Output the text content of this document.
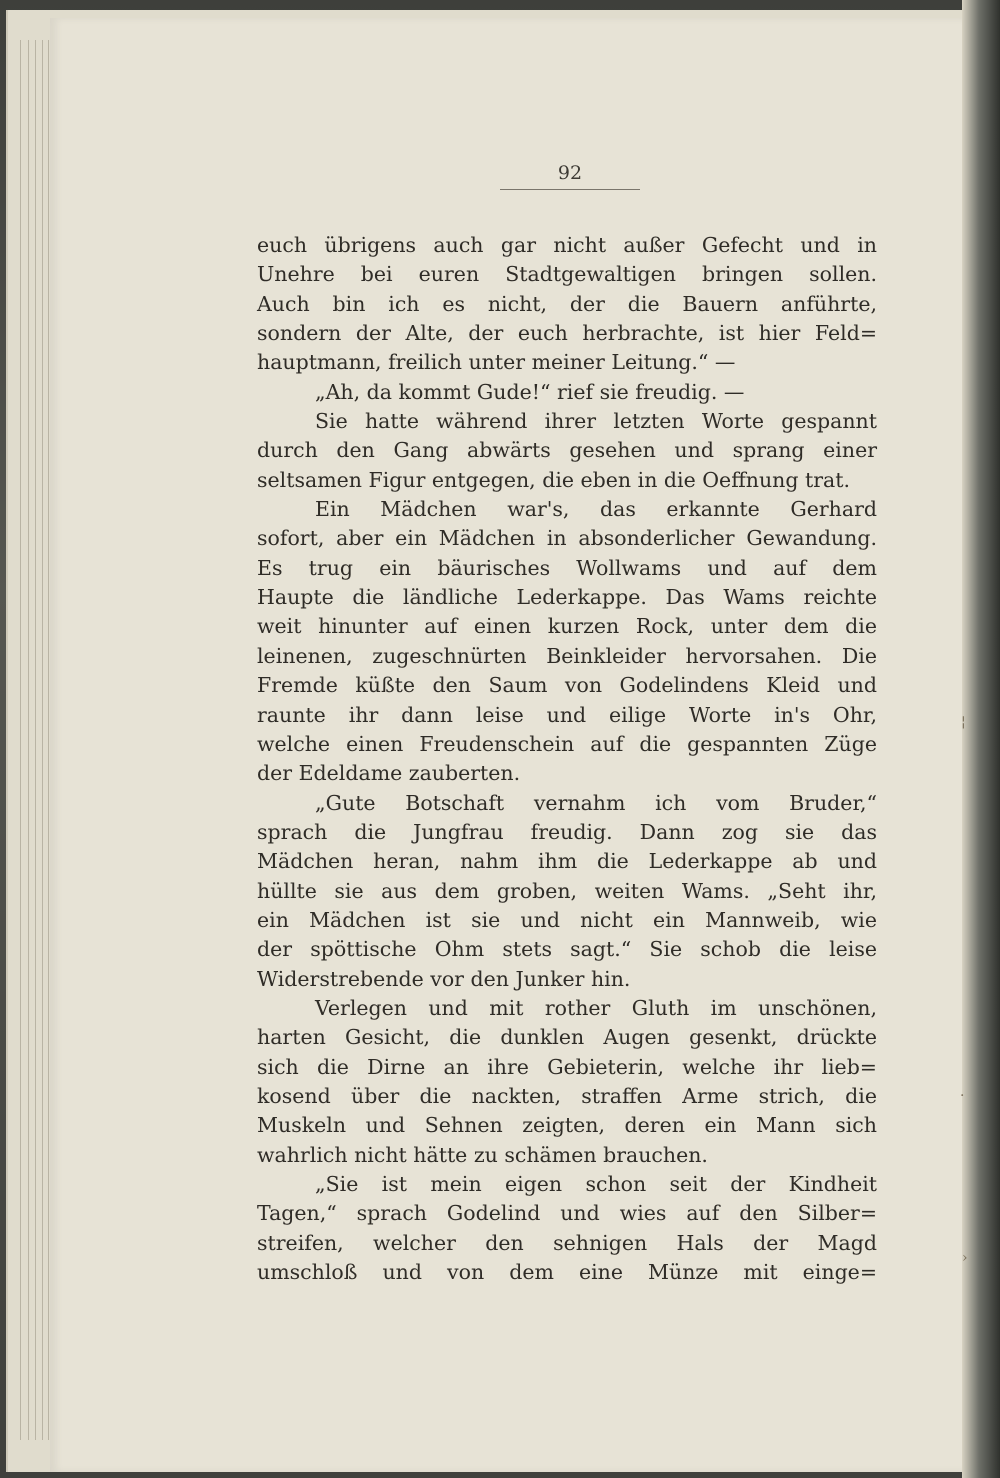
92
euch übrigens auch gar nicht außer Gefecht und in
Unehre bei euren Stadtgewaltigen bringen sollen.
Auch bin ich es nicht, der die Bauern anführte,
sondern der Alte, der euch herbrachte, ist hier Feld=
hauptmann, freilich unter meiner Leitung.“ —
„Ah, da kommt Gude!“ rief sie freudig. —
Sie hatte während ihrer letzten Worte gespannt
durch den Gang abwärts gesehen und sprang einer
seltsamen Figur entgegen, die eben in die Oeffnung trat.
Ein Mädchen war's, das erkannte Gerhard
sofort, aber ein Mädchen in absonderlicher Gewandung.
Es trug ein bäurisches Wollwams und auf dem
Haupte die ländliche Lederkappe. Das Wams reichte
weit hinunter auf einen kurzen Rock, unter dem die
leinenen, zugeschnürten Beinkleider hervorsahen. Die
Fremde küßte den Saum von Godelindens Kleid und
raunte ihr dann leise und eilige Worte in's Ohr,
welche einen Freudenschein auf die gespannten Züge
der Edeldame zauberten.
„Gute Botschaft vernahm ich vom Bruder,“
sprach die Jungfrau freudig. Dann zog sie das
Mädchen heran, nahm ihm die Lederkappe ab und
hüllte sie aus dem groben, weiten Wams. „Seht ihr,
ein Mädchen ist sie und nicht ein Mannweib, wie
der spöttische Ohm stets sagt.“ Sie schob die leise
Widerstrebende vor den Junker hin.
Verlegen und mit rother Gluth im unschönen,
harten Gesicht, die dunklen Augen gesenkt, drückte
sich die Dirne an ihre Gebieterin, welche ihr lieb=
kosend über die nackten, straffen Arme strich, die
Muskeln und Sehnen zeigten, deren ein Mann sich
wahrlich nicht hätte zu schämen brauchen.
„Sie ist mein eigen schon seit der Kindheit
Tagen,“ sprach Godelind und wies auf den Silber=
streifen, welcher den sehnigen Hals der Magd
umschloß und von dem eine Münze mit einge=
¦
·
›
